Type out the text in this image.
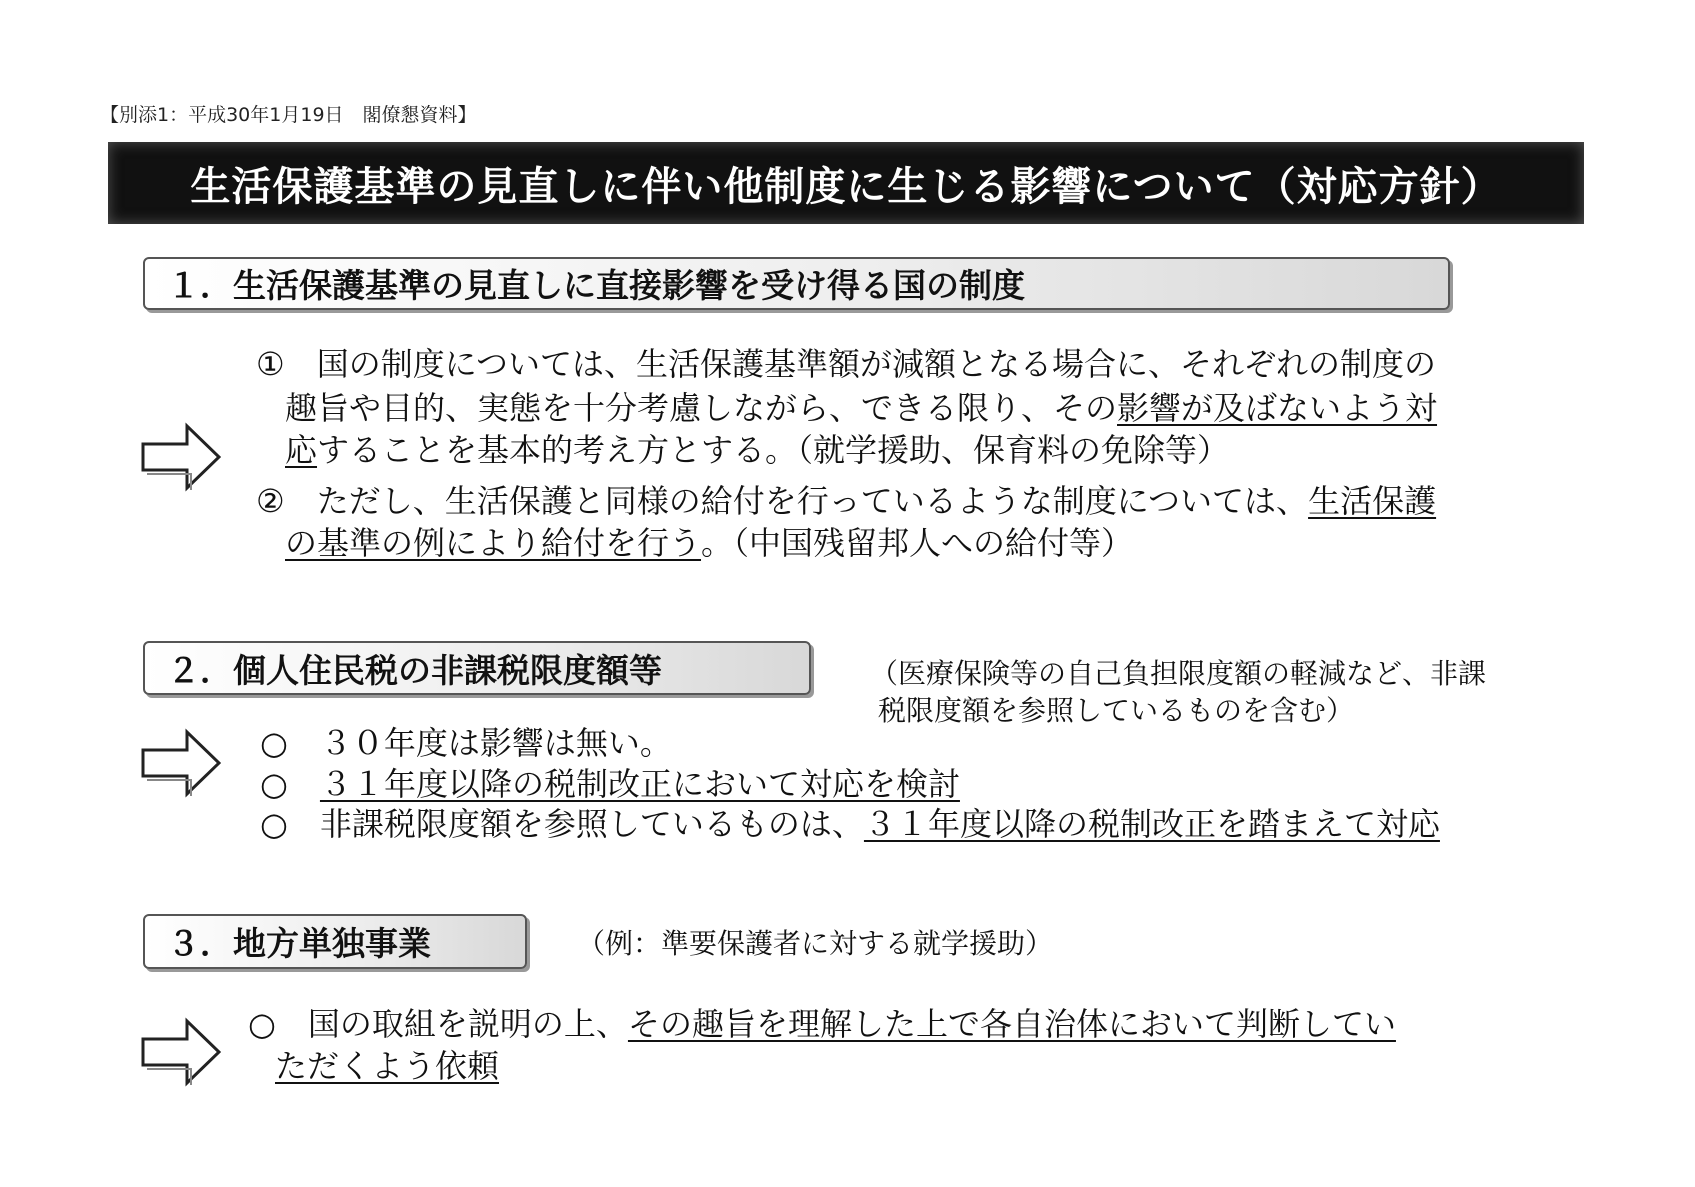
【別添1：平成30年1月19日　閣僚懇資料】
生活保護基準の見直しに伴い他制度に生じる影響について（対応方針）
１．生活保護基準の見直しに直接影響を受け得る国の制度
①　国の制度については、生活保護基準額が減額となる場合に、それぞれの制度の
趣旨や目的、実態を十分考慮しながら、できる限り、その影響が及ばないよう対
応することを基本的考え方とする。（就学援助、保育料の免除等）
②　ただし、生活保護と同様の給付を行っているような制度については、生活保護
の基準の例により給付を行う。（中国残留邦人への給付等）
２．個人住民税の非課税限度額等	（医療保険等の自己負担限度額の軽減など、非課
税限度額を参照しているものを含む）
○　３０年度は影響は無い。
○　３１年度以降の税制改正において対応を検討
○　非課税限度額を参照しているものは、３１年度以降の税制改正を踏まえて対応
３．地方単独事業	（例：準要保護者に対する就学援助）
○　国の取組を説明の上、その趣旨を理解した上で各自治体において判断してい
ただくよう依頼
